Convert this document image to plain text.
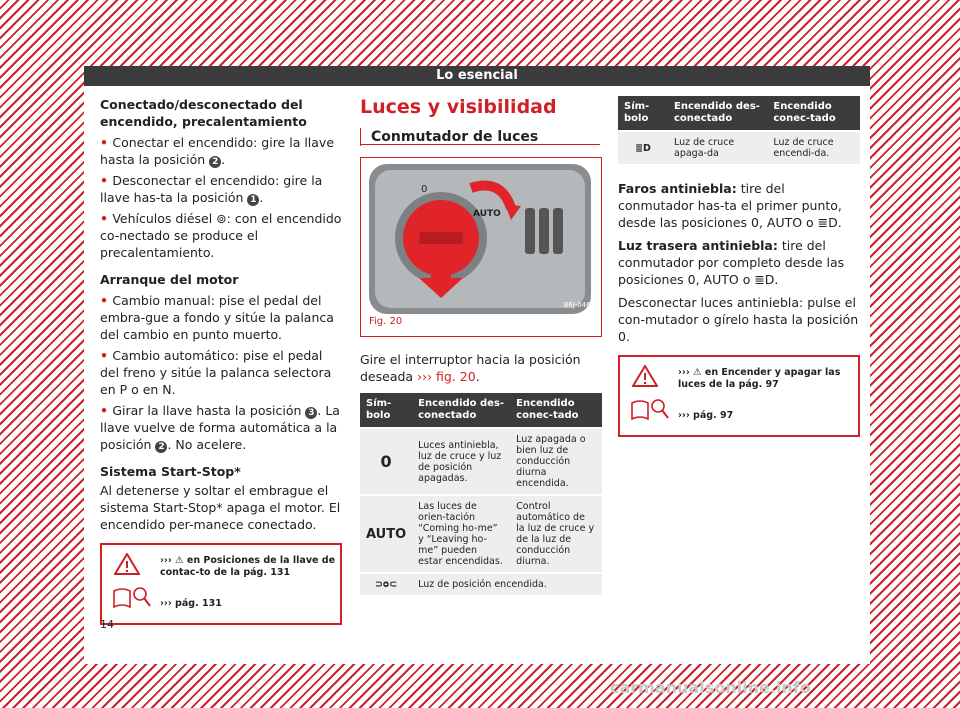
Lo esencial

Conectado/desconectado del encendido, precalentamiento

• Conectar el encendido: gire la llave hasta la posición 2 .
• Desconectar el encendido: gire la llave has-ta la posición 1 .
• Vehículos diésel ⊚: con el encendido co-nectado se produce el precalentamiento.

Arranque del motor

• Cambio manual: pise el pedal del embra-gue a fondo y sitúe la palanca del cambio en punto muerto.
• Cambio automático: pise el pedal del freno y sitúe la palanca selectora en P o en N.
• Girar la llave hasta la posición 3 . La llave vuelve de forma automática a la posición 2 . No acelere.

Sistema Start-Stop*

Al detenerse y soltar el embrague el sistema Start-Stop* apaga el motor. El encendido per-manece conectado.

››› ⚠ en Posiciones de la llave de contac-to de la pág. 131
››› pág. 131
Luces y visibilidad
Conmutador de luces
AUTO
0
Fig. 20
B6J-0469

Gire el interruptor hacia la posición deseada ››› fig. 20.

Sím-bolo	Encendido des-conectado	Encendido conec-tado
0	Luces antiniebla, luz de cruce y luz de posición apagadas.	Luz apagada o bien luz de conducción diurna encendida.
AUTO	Las luces de orien-tación “Coming ho-me” y “Leaving ho-me” pueden estar encendidas.	Control automático de la luz de cruce y de la luz de conducción diurna.
⊃ᴑ⊂	Luz de posición encendida.	
Sím-bolo	Encendido des-conectado	Encendido conec-tado
≣D	Luz de cruce apaga-da	Luz de cruce encendi-da.

Faros antiniebla: tire del conmutador has-ta el primer punto, desde las posiciones 0, AUTO o ≣D.

Luz trasera antiniebla: tire del conmutador por completo desde las posiciones 0, AUTO o ≣D.

Desconectar luces antiniebla: pulse el con-mutador o gírelo hasta la posición 0.

››› ⚠ en Encender y apagar las luces de la pág. 97
››› pág. 97
14
carmanualsonline.info
